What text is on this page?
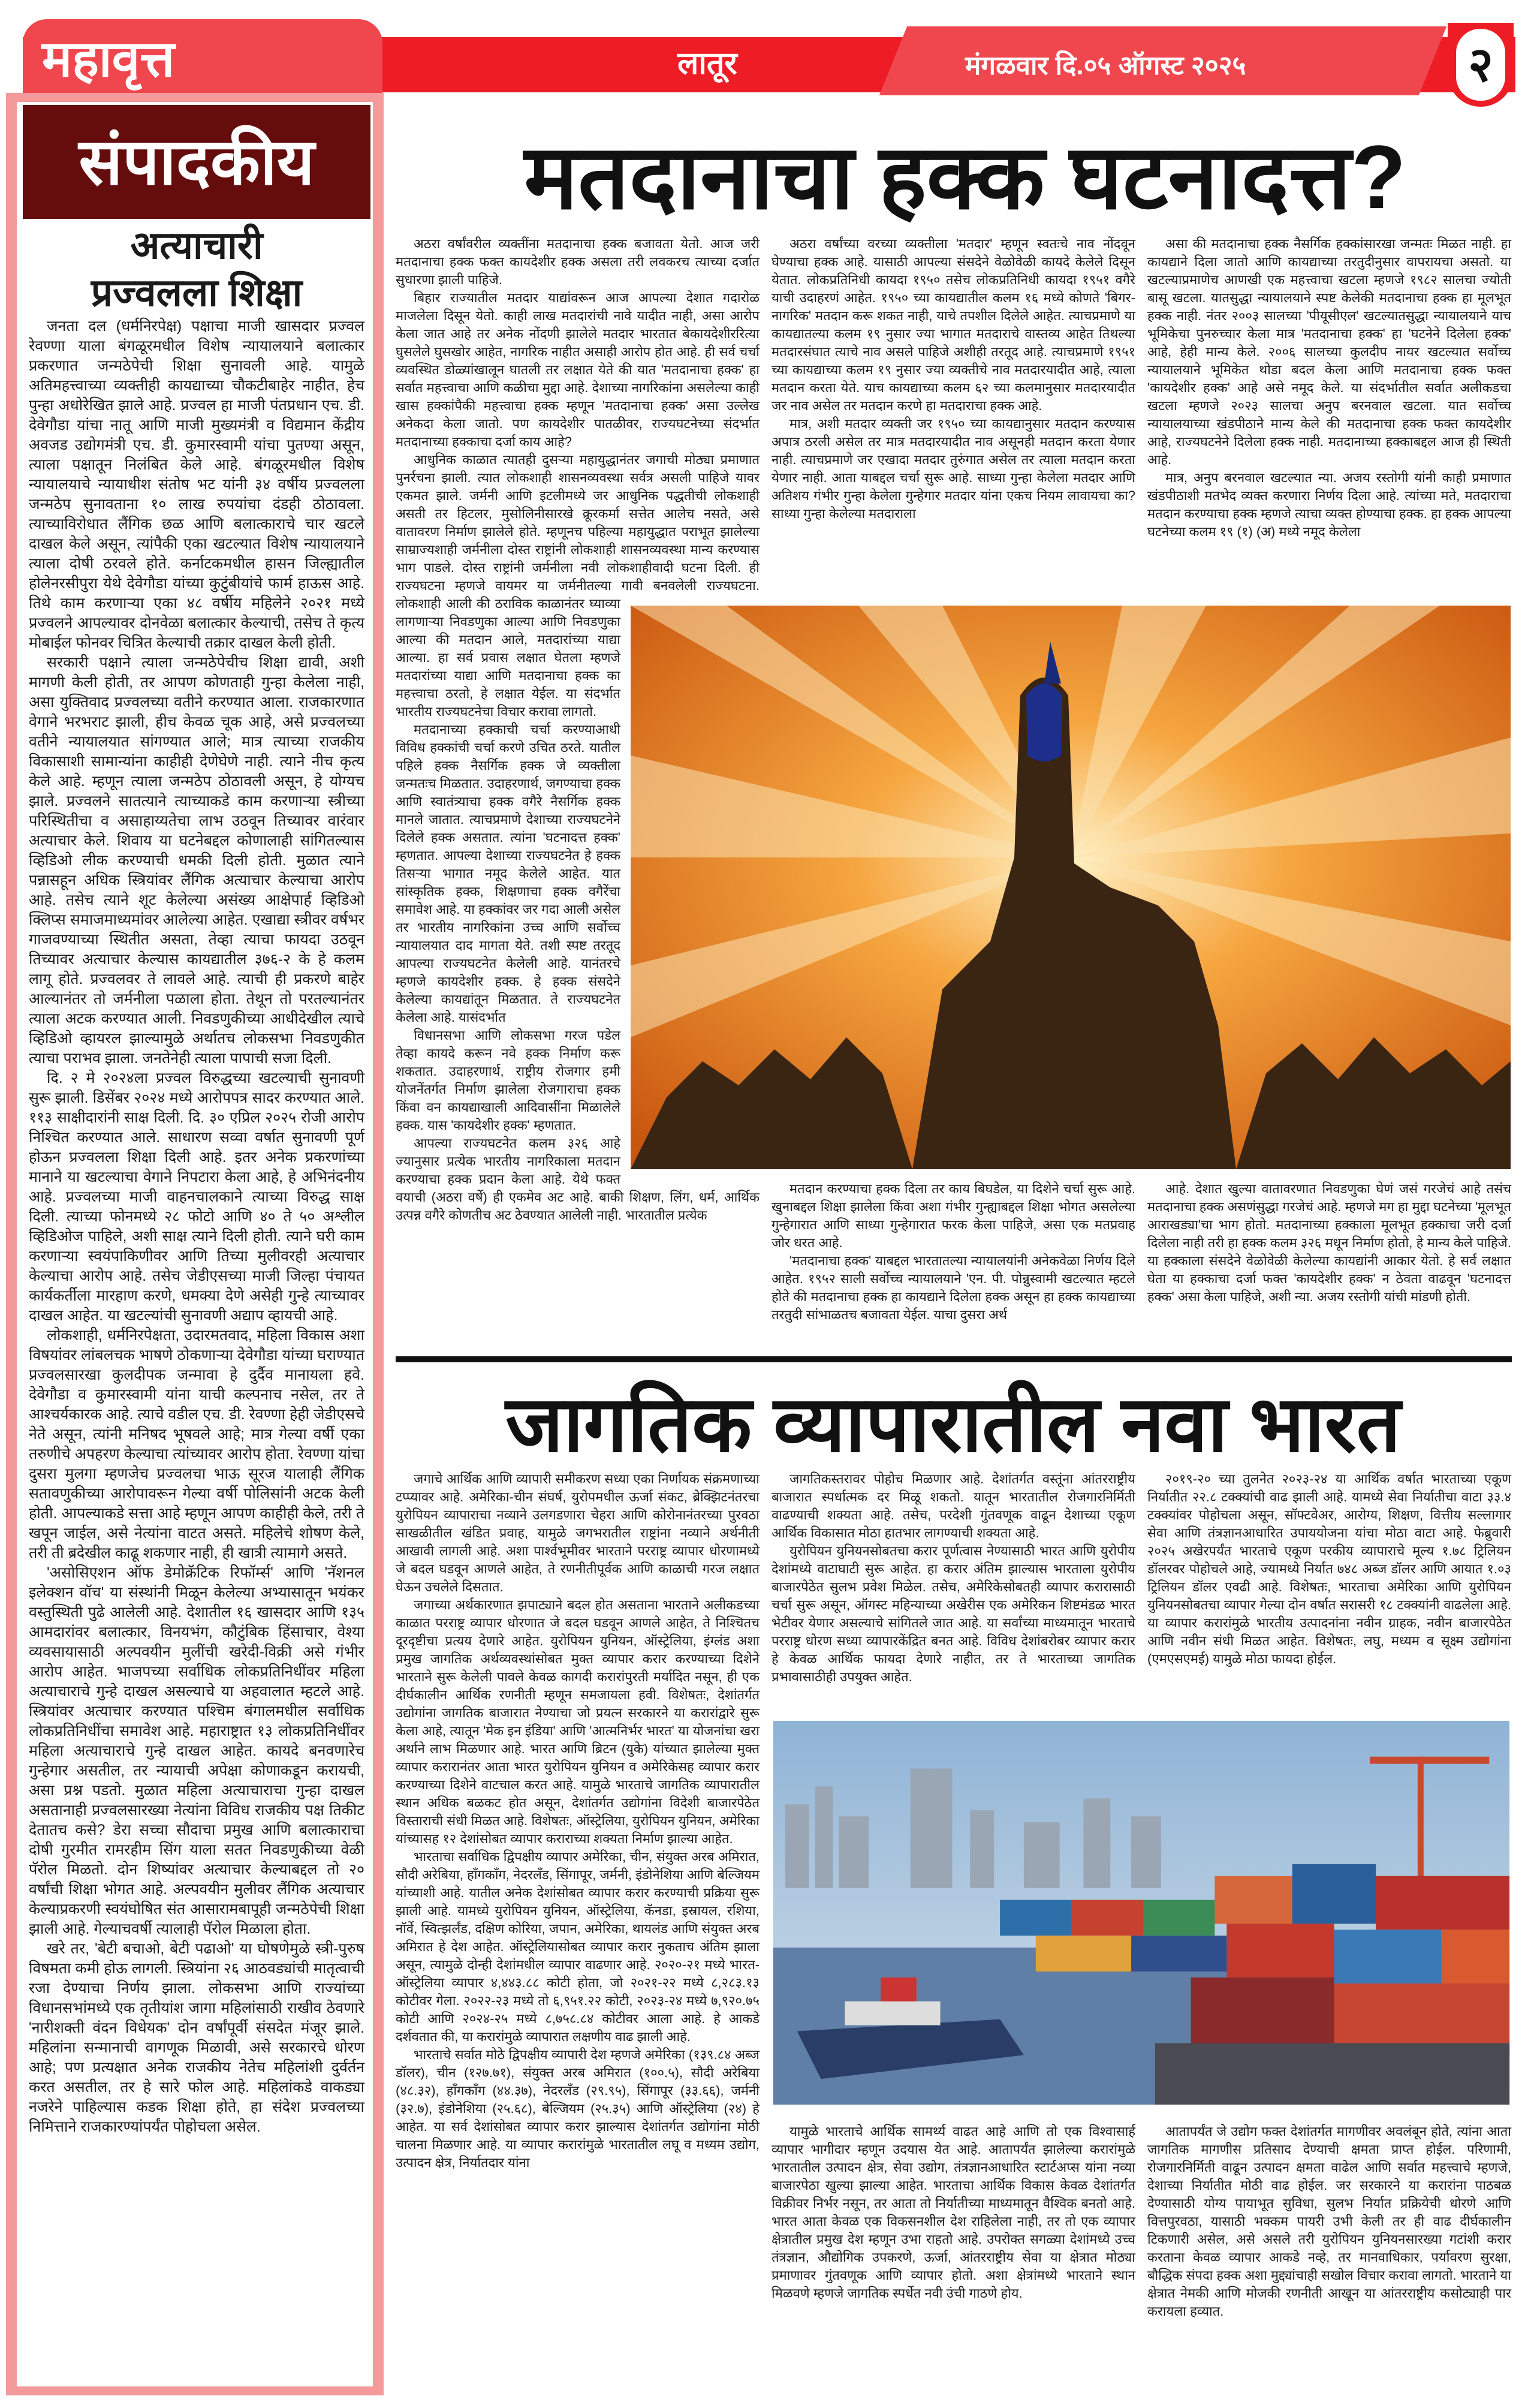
महावृत्त	लातूर	मंगळवार दि.०५ ऑगस्ट २०२५	२
संपादकीय
अत्याचारी
प्रज्वलला शिक्षा

जनता दल (धर्मनिरपेक्ष) पक्षाचा माजी खासदार प्रज्वल रेवण्णा याला बंगळूरमधील विशेष न्यायालयाने बलात्कार प्रकरणात जन्मठेपेची शिक्षा सुनावली आहे. यामुळे अतिमहत्त्वाच्या व्यक्तीही कायद्याच्या चौकटीबाहेर नाहीत, हेच पुन्हा अधोरेखित झाले आहे. प्रज्वल हा माजी पंतप्रधान एच. डी. देवेगौडा यांचा नातू आणि माजी मुख्यमंत्री व विद्यमान केंद्रीय अवजड उद्योगमंत्री एच. डी. कुमारस्वामी यांचा पुतण्या असून, त्याला पक्षातून निलंबित केले आहे. बंगळूरमधील विशेष न्यायालयाचे न्यायाधीश संतोष भट यांनी ३४ वर्षीय प्रज्वलला जन्मठेप सुनावताना १० लाख रुपयांचा दंडही ठोठावला. त्याच्याविरोधात लैंगिक छळ आणि बलात्काराचे चार खटले दाखल केले असून, त्यांपैकी एका खटल्यात विशेष न्यायालयाने त्याला दोषी ठरवले होते. कर्नाटकमधील हासन जिल्ह्यातील होलेनरसीपुरा येथे देवेगौडा यांच्या कुटुंबीयांचे फार्म हाऊस आहे. तिथे काम करणाऱ्या एका ४८ वर्षीय महिलेने २०२१ मध्ये प्रज्वलने आपल्यावर दोनवेळा बलात्कार केल्याची, तसेच ते कृत्य मोबाईल फोनवर चित्रित केल्याची तक्रार दाखल केली होती.

सरकारी पक्षाने त्याला जन्मठेपेचीच शिक्षा द्यावी, अशी मागणी केली होती, तर आपण कोणताही गुन्हा केलेला नाही, असा युक्तिवाद प्रज्वलच्या वतीने करण्यात आला. राजकारणात वेगाने भरभराट झाली, हीच केवळ चूक आहे, असे प्रज्वलच्या वतीने न्यायालयात सांगण्यात आले; मात्र त्याच्या राजकीय विकासाशी सामान्यांना काहीही देणेघेणे नाही. त्याने नीच कृत्य केले आहे. म्हणून त्याला जन्मठेप ठोठावली असून, हे योग्यच झाले. प्रज्वलने सातत्याने त्याच्याकडे काम करणाऱ्या स्त्रीच्या परिस्थितीचा व असाहाय्यतेचा लाभ उठवून तिच्यावर वारंवार अत्याचार केले. शिवाय या घटनेबद्दल कोणालाही सांगितल्यास व्हिडिओ लीक करण्याची धमकी दिली होती. मुळात त्याने पन्नासहून अधिक स्त्रियांवर लैंगिक अत्याचार केल्याचा आरोप आहे. तसेच त्याने शूट केलेल्या असंख्य आक्षेपार्ह व्हिडिओ क्लिप्स समाजमाध्यमांवर आलेल्या आहेत. एखाद्या स्त्रीवर वर्षभर गाजवण्याच्या स्थितीत असता, तेव्हा त्याचा फायदा उठवून तिच्यावर अत्याचार केल्यास कायद्यातील ३७६-२ के हे कलम लागू होते. प्रज्वलवर ते लावले आहे. त्याची ही प्रकरणे बाहेर आल्यानंतर तो जर्मनीला पळाला होता. तेथून तो परतल्यानंतर त्याला अटक करण्यात आली. निवडणुकीच्या आधीदेखील त्याचे व्हिडिओ व्हायरल झाल्यामुळे अर्थातच लोकसभा निवडणुकीत त्याचा पराभव झाला. जनतेनेही त्याला पापाची सजा दिली.

दि. २ मे २०२४ला प्रज्वल विरुद्धच्या खटल्याची सुनावणी सुरू झाली. डिसेंबर २०२४ मध्ये आरोपपत्र सादर करण्यात आले. ११३ साक्षीदारांनी साक्ष दिली. दि. ३० एप्रिल २०२५ रोजी आरोप निश्चित करण्यात आले. साधारण सव्वा वर्षात सुनावणी पूर्ण होऊन प्रज्वलला शिक्षा दिली आहे. इतर अनेक प्रकरणांच्या मानाने या खटल्याचा वेगाने निपटारा केला आहे, हे अभिनंदनीय आहे. प्रज्वलच्या माजी वाहनचालकाने त्याच्या विरुद्ध साक्ष दिली. त्याच्या फोनमध्ये २८ फोटो आणि ४० ते ५० अश्लील व्हिडिओज पाहिले, अशी साक्ष त्याने दिली होती. त्याने घरी काम करणाऱ्या स्वयंपाकिणीवर आणि तिच्या मुलीवरही अत्याचार केल्याचा आरोप आहे. तसेच जेडीएसच्या माजी जिल्हा पंचायत कार्यकर्तीला मारहाण करणे, धमक्या देणे असेही गुन्हे त्याच्यावर दाखल आहेत. या खटल्यांची सुनावणी अद्याप व्हायची आहे.

लोकशाही, धर्मनिरपेक्षता, उदारमतवाद, महिला विकास अशा विषयांवर लांबलचक भाषणे ठोकणाऱ्या देवेगौडा यांच्या घराण्यात प्रज्वलसारखा कुलदीपक जन्मावा हे दुर्दैव मानायला हवे. देवेगौडा व कुमारस्वामी यांना याची कल्पनाच नसेल, तर ते आश्चर्यकारक आहे. त्याचे वडील एच. डी. रेवण्णा हेही जेडीएसचे नेते असून, त्यांनी मनिषद भूषवले आहे; मात्र गेल्या वर्षी एका तरुणीचे अपहरण केल्याचा त्यांच्यावर आरोप होता. रेवण्णा यांचा दुसरा मुलगा म्हणजेच प्रज्वलचा भाऊ सूरज यालाही लैंगिक सतावणुकीच्या आरोपावरून गेल्या वर्षी पोलिसांनी अटक केली होती. आपल्याकडे सत्ता आहे म्हणून आपण काहीही केले, तरी ते खपून जाईल, असे नेत्यांना वाटत असते. महिलेचे शोषण केले, तरी ती ब्रदेखील काढू शकणार नाही, ही खात्री त्यामागे असते.

'असोसिएशन ऑफ डेमोक्रॅटिक रिफॉर्म्स' आणि 'नॅशनल इलेक्शन वॉच' या संस्थांनी मिळून केलेल्या अभ्यासातून भयंकर वस्तुस्थिती पुढे आलेली आहे. देशातील १६ खासदार आणि १३५ आमदारांवर बलात्कार, विनयभंग, कौटुंबिक हिंसाचार, वेश्या व्यवसायासाठी अल्पवयीन मुलींची खरेदी-विक्री असे गंभीर आरोप आहेत. भाजपच्या सर्वाधिक लोकप्रतिनिधींवर महिला अत्याचाराचे गुन्हे दाखल असल्याचे या अहवालात म्हटले आहे. स्त्रियांवर अत्याचार करण्यात पश्चिम बंगालमधील सर्वाधिक लोकप्रतिनिधींचा समावेश आहे. महाराष्ट्रात १३ लोकप्रतिनिधींवर महिला अत्याचाराचे गुन्हे दाखल आहेत. कायदे बनवणारेच गुन्हेगार असतील, तर न्यायाची अपेक्षा कोणाकडून करायची, असा प्रश्न पडतो. मुळात महिला अत्याचाराचा गुन्हा दाखल असतानाही प्रज्वलसारख्या नेत्यांना विविध राजकीय पक्ष तिकीट देतातच कसे? डेरा सच्चा सौदाचा प्रमुख आणि बलात्काराचा दोषी गुरमीत रामरहीम सिंग याला सतत निवडणुकीच्या वेळी पॅरोल मिळतो. दोन शिष्यांवर अत्याचार केल्याबद्दल तो २० वर्षांची शिक्षा भोगत आहे. अल्पवयीन मुलीवर लैंगिक अत्याचार केल्याप्रकरणी स्वयंघोषित संत आसारामबापूही जन्मठेपेची शिक्षा झाली आहे. गेल्याचवर्षी त्यालाही पॅरोल मिळाला होता.

खरे तर, 'बेटी बचाओ, बेटी पढाओ' या घोषणेमुळे स्त्री-पुरुष विषमता कमी होऊ लागली. स्त्रियांना २६ आठवड्यांची मातृत्वाची रजा देण्याचा निर्णय झाला. लोकसभा आणि राज्यांच्या विधानसभांमध्ये एक तृतीयांश जागा महिलांसाठी राखीव ठेवणारे 'नारीशक्ती वंदन विधेयक' दोन वर्षांपूर्वी संसदेत मंजूर झाले. महिलांना सन्मानाची वागणूक मिळावी, असे सरकारचे धोरण आहे; पण प्रत्यक्षात अनेक राजकीय नेतेच महिलांशी दुर्वर्तन करत असतील, तर हे सारे फोल आहे. महिलांकडे वाकड्या नजरेने पाहिल्यास कडक शिक्षा होते, हा संदेश प्रज्वलच्या निमित्ताने राजकारण्यांपर्यंत पोहोचला असेल.

मतदानाचा हक्क घटनादत्त?

अठरा वर्षांवरील व्यक्तींना मतदानाचा हक्क बजावता येतो. आज जरी मतदानाचा हक्क फक्त कायदेशीर हक्क असला तरी लवकरच त्याच्या दर्जात सुधारणा झाली पाहिजे.

बिहार राज्यातील मतदार याद्यांवरून आज आपल्या देशात गदारोळ माजलेला दिसून येतो. काही लाख मतदारांची नावे यादीत नाही, असा आरोप केला जात आहे तर अनेक नोंदणी झालेले मतदार भारतात बेकायदेशीररित्या घुसलेले घुसखोर आहेत, नागरिक नाहीत असाही आरोप होत आहे. ही सर्व चर्चा व्यवस्थित डोळ्यांखालून घातली तर लक्षात येते की यात 'मतदानाचा हक्क' हा सर्वात महत्त्वाचा आणि कळीचा मुद्दा आहे. देशाच्या नागरिकांना असलेल्या काही खास हक्कांपैकी महत्त्वाचा हक्क म्हणून 'मतदानाचा हक्क' असा उल्लेख अनेकदा केला जातो. पण कायदेशीर पातळीवर, राज्यघटनेच्या संदर्भात मतदानाच्या हक्काचा दर्जा काय आहे?

आधुनिक काळात त्यातही दुसऱ्या महायुद्धानंतर जगाची मोठ्या प्रमाणात पुनर्रचना झाली. त्यात लोकशाही शासनव्यवस्था सर्वत्र असली पाहिजे यावर एकमत झाले. जर्मनी आणि इटलीमध्ये जर आधुनिक पद्धतीची लोकशाही असती तर हिटलर, मुसोलिनीसारखे क्रूरकर्मा सत्तेत आलेच नसते, असे वातावरण निर्माण झालेले होते. म्हणूनच पहिल्या महायुद्धात पराभूत झालेल्या साम्राज्यशाही जर्मनीला दोस्त राष्ट्रांनी लोकशाही शासनव्यवस्था मान्य करण्यास भाग पाडले. दोस्त राष्ट्रांनी जर्मनीला नवी लोकशाहीवादी घटना दिली. ही राज्यघटना म्हणजे वायमर या जर्मनीतल्या गावी बनवलेली राज्यघटना. लोकशाही आली की ठराविक काळानंतर घ्याव्या लागणाऱ्या निवडणुका आल्या आणि निवडणुका आल्या की मतदान आले, मतदारांच्या याद्या आल्या. हा सर्व प्रवास लक्षात घेतला म्हणजे मतदारांच्या याद्या आणि मतदानाचा हक्क का महत्त्वाचा ठरतो, हे लक्षात येईल. या संदर्भात भारतीय राज्यघटनेचा विचार करावा लागतो.

मतदानाच्या हक्काची चर्चा करण्याआधी विविध हक्कांची चर्चा करणे उचित ठरते. यातील पहिले हक्क नैसर्गिक हक्क जे व्यक्तीला जन्मतःच मिळतात. उदाहरणार्थ, जगण्याचा हक्क आणि स्वातंत्र्याचा हक्क वगैरे नैसर्गिक हक्क मानले जातात. त्याचप्रमाणे देशाच्या राज्यघटनेने दिलेले हक्क असतात. त्यांना 'घटनादत्त हक्क' म्हणतात. आपल्या देशाच्या राज्यघटनेत हे हक्क तिसऱ्या भागात नमूद केलेले आहेत. यात सांस्कृतिक हक्क, शिक्षणाचा हक्क वगैरेंचा समावेश आहे. या हक्कांवर जर गदा आली असेल तर भारतीय नागरिकांना उच्च आणि सर्वोच्च न्यायालयात दाद मागता येते. तशी स्पष्ट तरतूद आपल्या राज्यघटनेत केलेली आहे. यानंतरचे म्हणजे कायदेशीर हक्क. हे हक्क संसदेने केलेल्या कायद्यांतून मिळतात. ते राज्यघटनेत केलेला आहे. यासंदर्भात

विधानसभा आणि लोकसभा गरज पडेल तेव्हा कायदे करून नवे हक्क निर्माण करू शकतात. उदाहरणार्थ, राष्ट्रीय रोजगार हमी योजनेंतर्गत निर्माण झालेला रोजगाराचा हक्क किंवा वन कायद्याखाली आदिवासींना मिळालेले हक्क. यास 'कायदेशीर हक्क' म्हणतात.

आपल्या राज्यघटनेत कलम ३२६ आहे ज्यानुसार प्रत्येक भारतीय नागरिकाला मतदान करण्याचा हक्क प्रदान केला आहे. येथे फक्त वयाची (अठरा वर्षे) ही एकमेव अट आहे. बाकी शिक्षण, लिंग, धर्म, आर्थिक उत्पन्न वगैरे कोणतीच अट ठेवण्यात आलेली नाही. भारतातील प्रत्येक

अठरा वर्षांच्या वरच्या व्यक्तीला 'मतदार' म्हणून स्वतःचे नाव नोंदवून घेण्याचा हक्क आहे. यासाठी आपल्या संसदेने वेळोवेळी कायदे केलेले दिसून येतात. लोकप्रतिनिधी कायदा १९५० तसेच लोकप्रतिनिधी कायदा १९५१ वगैरे याची उदाहरणं आहेत. १९५० च्या कायद्यातील कलम १६ मध्ये कोणते 'बिगर- नागरिक' मतदान करू शकत नाही, याचे तपशील दिलेले आहेत. त्याचप्रमाणे या कायद्यातल्या कलम १९ नुसार ज्या भागात मतदाराचे वास्तव्य आहेत तिथल्या मतदारसंघात त्याचे नाव असले पाहिजे अशीही तरतूद आहे. त्याचप्रमाणे १९५१ च्या कायद्याच्या कलम १९ नुसार ज्या व्यक्तीचे नाव मतदारयादीत आहे, त्याला मतदान करता येते. याच कायद्याच्या कलम ६२ च्या कलमानुसार मतदारयादीत जर नाव असेल तर मतदान करणे हा मतदाराचा हक्क आहे.

मात्र, अशी मतदार व्यक्ती जर १९५० च्या कायद्यानुसार मतदान करण्यास अपात्र ठरली असेल तर मात्र मतदारयादीत नाव असूनही मतदान करता येणार नाही. त्याचप्रमाणे जर एखादा मतदार तुरुंगात असेल तर त्याला मतदान करता येणार नाही. आता याबद्दल चर्चा सुरू आहे. साध्या गुन्हा केलेला मतदार आणि अतिशय गंभीर गुन्हा केलेला गुन्हेगार मतदार यांना एकच नियम लावायचा का? साध्या गुन्हा केलेल्या मतदाराला

असा की मतदानाचा हक्क नैसर्गिक हक्कांसारखा जन्मतः मिळत नाही. हा कायद्याने दिला जातो आणि कायद्याच्या तरतुदीनुसार वापरायचा असतो. या खटल्याप्रमाणेच आणखी एक महत्त्वाचा खटला म्हणजे १९८२ सालचा ज्योती बासू खटला. यातसुद्धा न्यायालयाने स्पष्ट केलेकी मतदानाचा हक्क हा मूलभूत हक्क नाही. नंतर २००३ सालच्या 'पीयूसीएल' खटल्यातसुद्धा न्यायालयाने याच भूमिकेचा पुनरुच्चार केला मात्र 'मतदानाचा हक्क' हा 'घटनेने दिलेला हक्क' आहे, हेही मान्य केले. २००६ सालच्या कुलदीप नायर खटल्यात सर्वोच्च न्यायालयाने भूमिकेत थोडा बदल केला आणि मतदानाचा हक्क फक्त 'कायदेशीर हक्क' आहे असे नमूद केले. या संदर्भातील सर्वात अलीकडचा खटला म्हणजे २०२३ सालचा अनुप बरनवाल खटला. यात सर्वोच्च न्यायालयाच्या खंडपीठाने मान्य केले की मतदानाचा हक्क फक्त कायदेशीर आहे, राज्यघटनेने दिलेला हक्क नाही. मतदानाच्या हक्काबद्दल आज ही स्थिती आहे.

मात्र, अनुप बरनवाल खटल्यात न्या. अजय रस्तोगी यांनी काही प्रमाणात खंडपीठाशी मतभेद व्यक्त करणारा निर्णय दिला आहे. त्यांच्या मते, मतदाराचा मतदान करण्याचा हक्क म्हणजे त्याचा व्यक्त होण्याचा हक्क. हा हक्क आपल्या घटनेच्या कलम १९ (१) (अ) मध्ये नमूद केलेला

मतदान करण्याचा हक्क दिला तर काय बिघडेल, या दिशेने चर्चा सुरू आहे. खुनाबद्दल शिक्षा झालेला किंवा अशा गंभीर गुन्ह्याबद्दल शिक्षा भोगत असलेल्या गुन्हेगारात आणि साध्या गुन्हेगारात फरक केला पाहिजे, असा एक मतप्रवाह जोर धरत आहे.

'मतदानाचा हक्क' याबद्दल भारतातल्या न्यायालयांनी अनेकवेळा निर्णय दिले आहेत. १९५२ साली सर्वोच्च न्यायालयाने 'एन. पी. पोन्नुस्वामी खटल्यात म्हटले होते की मतदानाचा हक्क हा कायद्याने दिलेला हक्क असून हा हक्क कायद्याच्या तरतुदी सांभाळतच बजावता येईल. याचा दुसरा अर्थ

आहे. देशात खुल्या वातावरणात निवडणुका घेणं जसं गरजेचं आहे तसंच मतदानाचा हक्क असणंसुद्धा गरजेचं आहे. म्हणजे मग हा मुद्दा घटनेच्या 'मूलभूत आराखड्या'चा भाग होतो. मतदानाच्या हक्काला मूलभूत हक्काचा जरी दर्जा दिलेला नाही तरी हा हक्क कलम ३२६ मधून निर्माण होतो, हे मान्य केले पाहिजे. या हक्काला संसदेने वेळोवेळी केलेल्या कायद्यांनी आकार येतो. हे सर्व लक्षात घेता या हक्काचा दर्जा फक्त 'कायदेशीर हक्क' न ठेवता वाढवून 'घटनादत्त हक्क' असा केला पाहिजे, अशी न्या. अजय रस्तोगी यांची मांडणी होती.

जागतिक व्यापारातील नवा भारत

जगाचे आर्थिक आणि व्यापारी समीकरण सध्या एका निर्णायक संक्रमणाच्या टप्प्यावर आहे. अमेरिका-चीन संघर्ष, युरोपमधील ऊर्जा संकट, ब्रेक्झिटनंतरचा युरोपियन व्यापाराचा नव्याने उलगडणारा चेहरा आणि कोरोनानंतरच्या पुरवठा साखळीतील खंडित प्रवाह, यामुळे जगभरातील राष्ट्रांना नव्याने अर्थनीती आखावी लागली आहे. अशा पार्श्वभूमीवर भारताने परराष्ट्र व्यापार धोरणामध्ये जे बदल घडवून आणले आहेत, ते रणनीतीपूर्वक आणि काळाची गरज लक्षात घेऊन उचलेले दिसतात.

जगाच्या अर्थकारणात झपाट्याने बदल होत असताना भारताने अलीकडच्या काळात परराष्ट्र व्यापार धोरणात जे बदल घडवून आणले आहेत, ते निश्चितच दूरदृष्टीचा प्रत्यय देणारे आहेत. युरोपियन युनियन, ऑस्ट्रेलिया, इंग्लंड अशा प्रमुख जागतिक अर्थव्यवस्थांसोबत मुक्त व्यापार करार करण्याच्या दिशेने भारताने सुरू केलेली पावले केवळ कागदी करारांपुरती मर्यादित नसून, ही एक दीर्घकालीन आर्थिक रणनीती म्हणून समजायला हवी. विशेषतः, देशांतर्गत उद्योगांना जागतिक बाजारात नेण्याचा जो प्रयत्न सरकारने या करारांद्वारे सुरू केला आहे, त्यातून 'मेक इन इंडिया' आणि 'आत्मनिर्भर भारत' या योजनांचा खरा अर्थाने लाभ मिळणार आहे. भारत आणि ब्रिटन (युके) यांच्यात झालेल्या मुक्त व्यापार करारानंतर आता भारत युरोपियन युनियन व अमेरिकेसह व्यापार करार करण्याच्या दिशेने वाटचाल करत आहे. यामुळे भारताचे जागतिक व्यापारातील स्थान अधिक बळकट होत असून, देशांतर्गत उद्योगांना विदेशी बाजारपेठेत विस्ताराची संधी मिळत आहे. विशेषतः, ऑस्ट्रेलिया, युरोपियन युनियन, अमेरिका यांच्यासह १२ देशांसोबत व्यापार कराराच्या शक्यता निर्माण झाल्या आहेत.

भारताचा सर्वाधिक द्विपक्षीय व्यापार अमेरिका, चीन, संयुक्त अरब अमिरात, सौदी अरेबिया, हाँगकाँग, नेदरलँड, सिंगापूर, जर्मनी, इंडोनेशिया आणि बेल्जियम यांच्याशी आहे. यातील अनेक देशांसोबत व्यापार करार करण्याची प्रक्रिया सुरू झाली आहे. यामध्ये युरोपियन युनियन, ऑस्ट्रेलिया, कॅनडा, इस्रायल, रशिया, नॉर्वे, स्वित्झर्लंड, दक्षिण कोरिया, जपान, अमेरिका, थायलंड आणि संयुक्त अरब अमिरात हे देश आहेत. ऑस्ट्रेलियासोबत व्यापार करार नुकताच अंतिम झाला असून, त्यामुळे दोन्ही देशांमधील व्यापार वाढणार आहे. २०२०-२१ मध्ये भारत-ऑस्ट्रेलिया व्यापार ४,४४३.८८ कोटी होता, जो २०२१-२२ मध्ये ८,२८३.१३ कोटीवर गेला. २०२२-२३ मध्ये तो ६,९५१.२२ कोटी, २०२३-२४ मध्ये ७,९२०.७५ कोटी आणि २०२४-२५ मध्ये ८,७५८.८४ कोटीवर आला आहे. हे आकडे दर्शवतात की, या करारांमुळे व्यापारात लक्षणीय वाढ झाली आहे.

भारताचे सर्वात मोठे द्विपक्षीय व्यापारी देश म्हणजे अमेरिका (१३९.८४ अब्ज डॉलर), चीन (१२७.७१), संयुक्त अरब अमिरात (१००.५), सौदी अरेबिया (४८.३२), हाँगकाँग (४४.३७), नेदरलँड (२९.९५), सिंगापूर (३३.६६), जर्मनी (३२.७), इंडोनेशिया (२५.६८), बेल्जियम (२५.३५) आणि ऑस्ट्रेलिया (२४) हे आहेत. या सर्व देशांसोबत व्यापार करार झाल्यास देशांतर्गत उद्योगांना मोठी चालना मिळणार आहे. या व्यापार करारांमुळे भारतातील लघू व मध्यम उद्योग, उत्पादन क्षेत्र, निर्यातदार यांना

जागतिकस्तरावर पोहोच मिळणार आहे. देशांतर्गत वस्तूंना आंतरराष्ट्रीय बाजारात स्पर्धात्मक दर मिळू शकतो. यातून भारतातील रोजगारनिर्मिती वाढण्याची शक्यता आहे. तसेच, परदेशी गुंतवणूक वाढून देशाच्या एकूण आर्थिक विकासात मोठा हातभार लागण्याची शक्यता आहे.

युरोपियन युनियनसोबतचा करार पूर्णत्वास नेण्यासाठी भारत आणि युरोपीय देशांमध्ये वाटाघाटी सुरू आहेत. हा करार अंतिम झाल्यास भारताला युरोपीय बाजारपेठेत सुलभ प्रवेश मिळेल. तसेच, अमेरिकेसोबतही व्यापार करारासाठी चर्चा सुरू असून, ऑगस्ट महिन्याच्या अखेरीस एक अमेरिकन शिष्टमंडळ भारत भेटीवर येणार असल्याचे सांगितले जात आहे. या सर्वांच्या माध्यमातून भारताचे परराष्ट्र धोरण सध्या व्यापारकेंद्रित बनत आहे. विविध देशांबरोबर व्यापार करार हे केवळ आर्थिक फायदा देणारे नाहीत, तर ते भारताच्या जागतिक प्रभावासाठीही उपयुक्त आहेत.

२०१९-२० च्या तुलनेत २०२३-२४ या आर्थिक वर्षात भारताच्या एकूण निर्यातीत २२.८ टक्क्यांची वाढ झाली आहे. यामध्ये सेवा निर्यातीचा वाटा ३३.४ टक्क्यांवर पोहोचला असून, सॉफ्टवेअर, आरोग्य, शिक्षण, वित्तीय सल्लागार सेवा आणि तंत्रज्ञानआधारित उपाययोजना यांचा मोठा वाटा आहे. फेब्रुवारी २०२५ अखेरपर्यंत भारताचे एकूण परकीय व्यापाराचे मूल्य १.७८ ट्रिलियन डॉलरवर पोहोचले आहे, ज्यामध्ये निर्यात ७४८ अब्ज डॉलर आणि आयात १.०३ ट्रिलियन डॉलर एवढी आहे. विशेषतः, भारताचा अमेरिका आणि युरोपियन युनियनसोबतचा व्यापार गेल्या दोन वर्षात सरासरी १८ टक्क्यांनी वाढलेला आहे. या व्यापार करारांमुळे भारतीय उत्पादनांना नवीन ग्राहक, नवीन बाजारपेठेत आणि नवीन संधी मिळत आहेत. विशेषतः, लघु, मध्यम व सूक्ष्म उद्योगांना (एमएसएमई) यामुळे मोठा फायदा होईल.

यामुळे भारताचे आर्थिक सामर्थ्य वाढत आहे आणि तो एक विश्वासार्ह व्यापार भागीदार म्हणून उदयास येत आहे. आतापर्यंत झालेल्या करारांमुळे भारतातील उत्पादन क्षेत्र, सेवा उद्योग, तंत्रज्ञानआधारित स्टार्टअप्स यांना नव्या बाजारपेठा खुल्या झाल्या आहेत. भारताचा आर्थिक विकास केवळ देशांतर्गत विक्रीवर निर्भर नसून, तर आता तो निर्यातीच्या माध्यमातून वैश्विक बनतो आहे. भारत आता केवळ एक विकसनशील देश राहिलेला नाही, तर तो एक व्यापार क्षेत्रातील प्रमुख देश म्हणून उभा राहतो आहे. उपरोक्त सगळ्या देशांमध्ये उच्च तंत्रज्ञान, औद्योगिक उपकरणे, ऊर्जा, आंतरराष्ट्रीय सेवा या क्षेत्रात मोठ्या प्रमाणावर गुंतवणूक आणि व्यापार होतो. अशा क्षेत्रांमध्ये भारताने स्थान मिळवणे म्हणजे जागतिक स्पर्धेत नवी उंची गाठणे होय.

आतापर्यंत जे उद्योग फक्त देशांतर्गत मागणीवर अवलंबून होते, त्यांना आता जागतिक मागणीस प्रतिसाद देण्याची क्षमता प्राप्त होईल. परिणामी, रोजगारनिर्मिती वाढून उत्पादन क्षमता वाढेल आणि सर्वात महत्त्वाचे म्हणजे, देशाच्या निर्यातीत मोठी वाढ होईल. जर सरकारने या करारांना पाठबळ देण्यासाठी योग्य पायाभूत सुविधा, सुलभ निर्यात प्रक्रियेची धोरणे आणि वित्तपुरवठा, यासाठी भक्कम पायरी उभी केली तर ही वाढ दीर्घकालीन टिकणारी असेल, असे असले तरी युरोपियन युनियनसारख्या गटांशी करार करताना केवळ व्यापार आकडे नव्हे, तर मानवाधिकार, पर्यावरण सुरक्षा, बौद्धिक संपदा हक्क अशा मुद्द्यांचाही सखोल विचार करावा लागतो. भारताने या क्षेत्रात नेमकी आणि मोजकी रणनीती आखून या आंतरराष्ट्रीय कसोट्याही पार करायला हव्यात.
